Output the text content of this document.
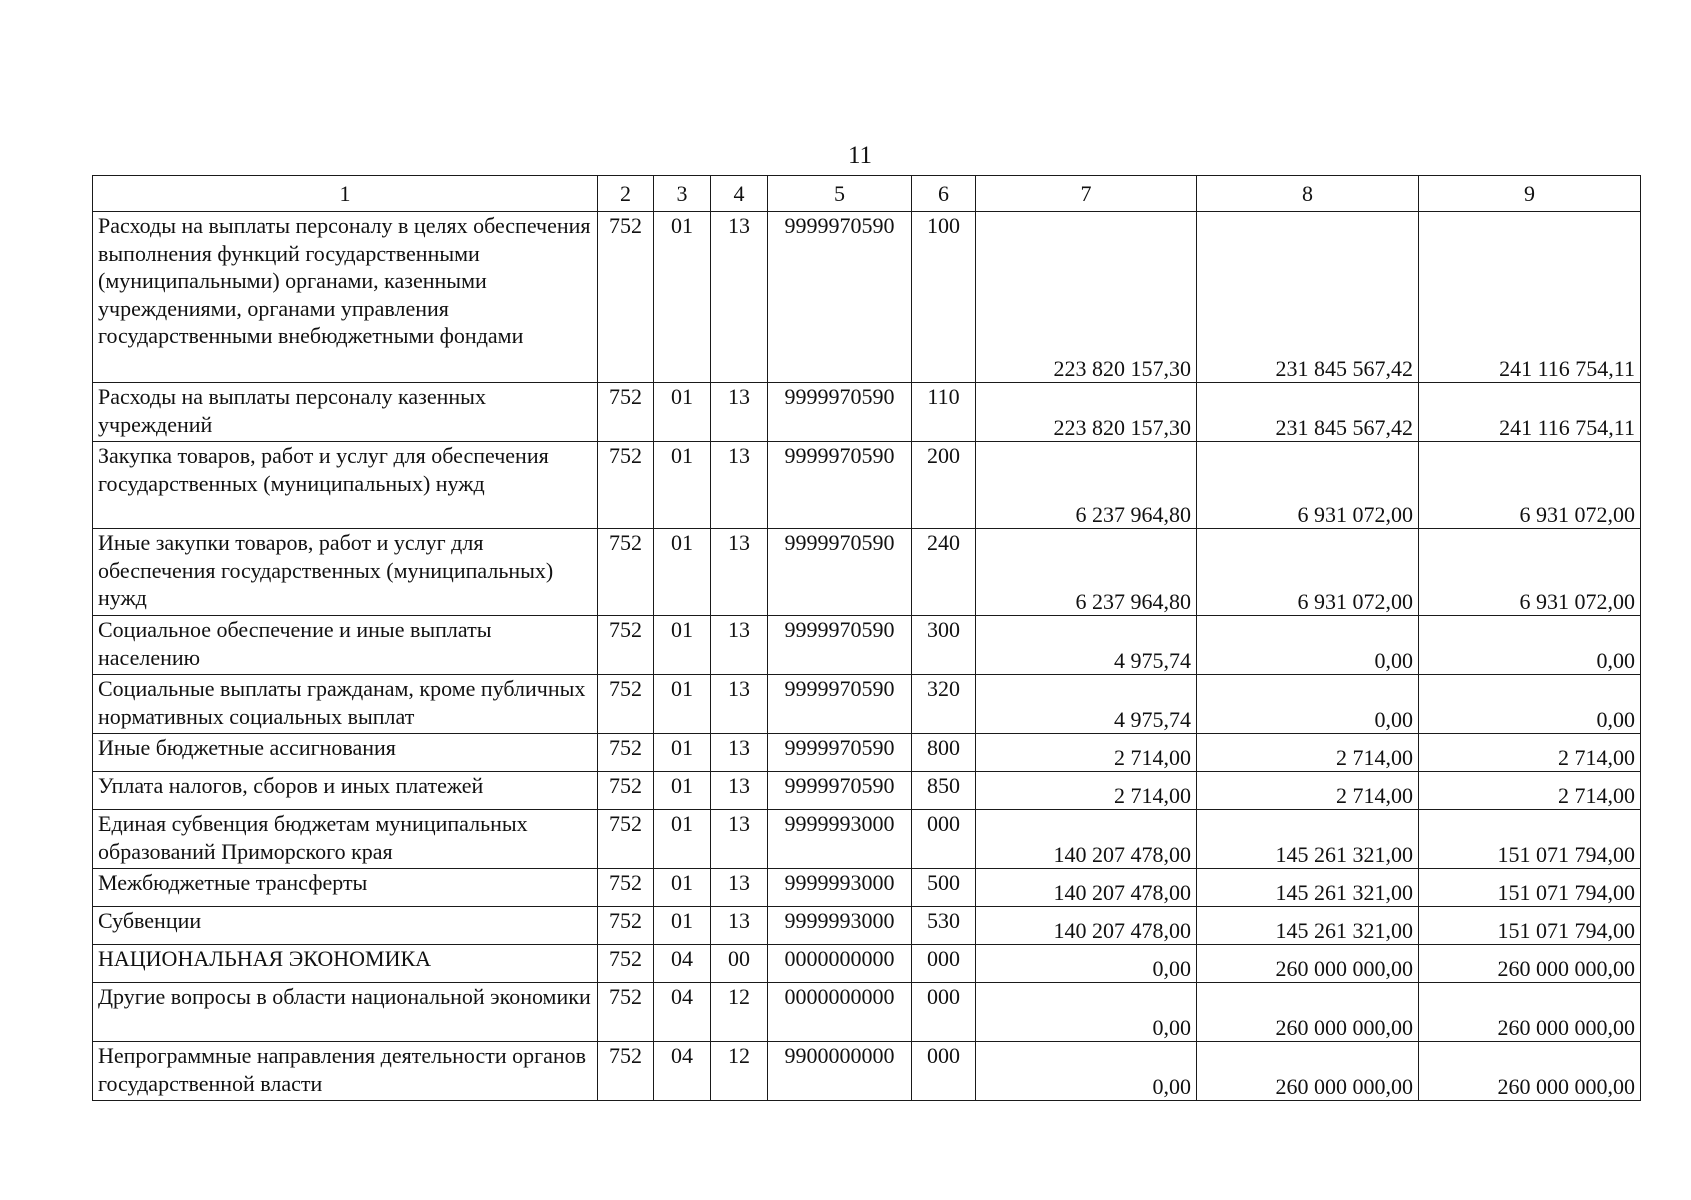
11
1	2	3	4	5	6	7	8	9
Расходы на выплаты персоналу в целях обеспечения выполнения функций государственными (муниципальными) органами, казенными учреждениями, органами управления государственными внебюджетными фондами	752	01	13	9999970590	100	223 820 157,30	231 845 567,42	241 116 754,11
Расходы на выплаты персоналу казенных учреждений	752	01	13	9999970590	110	223 820 157,30	231 845 567,42	241 116 754,11
Закупка товаров, работ и услуг для обеспечения государственных (муниципальных) нужд	752	01	13	9999970590	200	6 237 964,80	6 931 072,00	6 931 072,00
Иные закупки товаров, работ и услуг для обеспечения государственных (муниципальных) нужд	752	01	13	9999970590	240	6 237 964,80	6 931 072,00	6 931 072,00
Социальное обеспечение и иные выплаты населению	752	01	13	9999970590	300	4 975,74	0,00	0,00
Социальные выплаты гражданам, кроме публичных нормативных социальных выплат	752	01	13	9999970590	320	4 975,74	0,00	0,00
Иные бюджетные ассигнования	752	01	13	9999970590	800	2 714,00	2 714,00	2 714,00
Уплата налогов, сборов и иных платежей	752	01	13	9999970590	850	2 714,00	2 714,00	2 714,00
Единая субвенция бюджетам муниципальных образований Приморского края	752	01	13	9999993000	000	140 207 478,00	145 261 321,00	151 071 794,00
Межбюджетные трансферты	752	01	13	9999993000	500	140 207 478,00	145 261 321,00	151 071 794,00
Субвенции	752	01	13	9999993000	530	140 207 478,00	145 261 321,00	151 071 794,00
НАЦИОНАЛЬНАЯ ЭКОНОМИКА	752	04	00	0000000000	000	0,00	260 000 000,00	260 000 000,00
Другие вопросы в области национальной экономики	752	04	12	0000000000	000	0,00	260 000 000,00	260 000 000,00
Непрограммные направления деятельности органов государственной власти	752	04	12	9900000000	000	0,00	260 000 000,00	260 000 000,00
